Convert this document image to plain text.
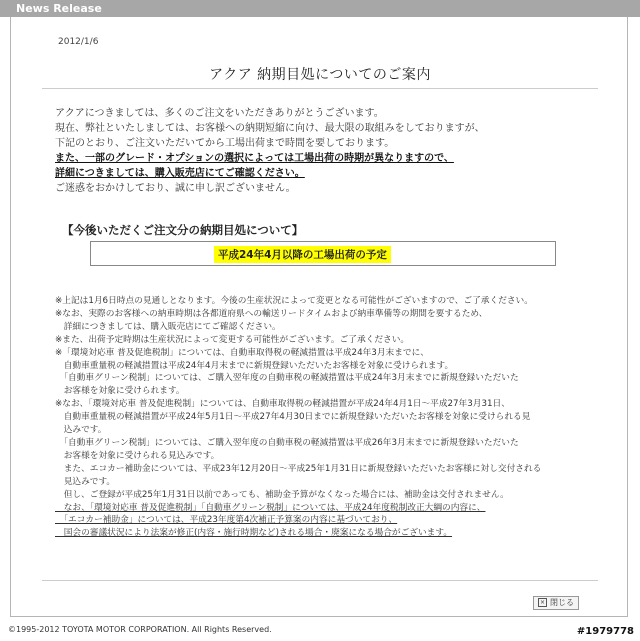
News Release
2012/1/6
アクア 納期目処についてのご案内

アクアにつきましては、多くのご注文をいただきありがとうございます。

現在、弊社といたしましては、お客様への納期短縮に向け、最大限の取組みをしておりますが、

下記のとおり、ご注文いただいてから工場出荷まで時間を要しております。

また、一部のグレード・オプションの選択によっては工場出荷の時期が異なりますので、

詳細につきましては、購入販売店にてご確認ください。

ご迷惑をおかけしており、誠に申し訳ございません。

【今後いただくご注文分の納期目処について】
平成24年4月以降の工場出荷の予定

※上記は1月6日時点の見通しとなります。今後の生産状況によって変更となる可能性がございますので、ご了承ください。

※なお、実際のお客様への納車時期は各都道府県への輸送リードタイムおよび納車準備等の期間を要するため、

　詳細につきましては、購入販売店にてご確認ください。

※また、出荷予定時期は生産状況によって変更する可能性がございます。ご了承ください。

※「環境対応車 普及促進税制」については、自動車取得税の軽減措置は平成24年3月末までに、

　自動車重量税の軽減措置は平成24年4月末までに新規登録いただいたお客様を対象に受けられます。

　「自動車グリーン税制」については、ご購入翌年度の自動車税の軽減措置は平成24年3月末までに新規登録いただいた

　お客様を対象に受けられます。

※なお、「環境対応車 普及促進税制」については、自動車取得税の軽減措置が平成24年4月1日～平成27年3月31日、

　自動車重量税の軽減措置が平成24年5月1日～平成27年4月30日までに新規登録いただいたお客様を対象に受けられる見

　込みです。

　「自動車グリーン税制」については、ご購入翌年度の自動車税の軽減措置は平成26年3月末までに新規登録いただいた

　お客様を対象に受けられる見込みです。

　また、エコカー補助金については、平成23年12月20日～平成25年1月31日に新規登録いただいたお客様に対し交付される

　見込みです。

　但し、ご登録が平成25年1月31日以前であっても、補助金予算がなくなった場合には、補助金は交付されません。

　なお、「環境対応車 普及促進税制」「自動車グリーン税制」については、平成24年度税制改正大綱の内容に、

　「エコカー補助金」については、平成23年度第4次補正予算案の内容に基づいており、

　国会の審議状況により法案が修正(内容・施行時期など)される場合・廃案になる場合がございます。

× 閉じる
©1995-2012 TOYOTA MOTOR CORPORATION. All Rights Reserved.	#1979778
